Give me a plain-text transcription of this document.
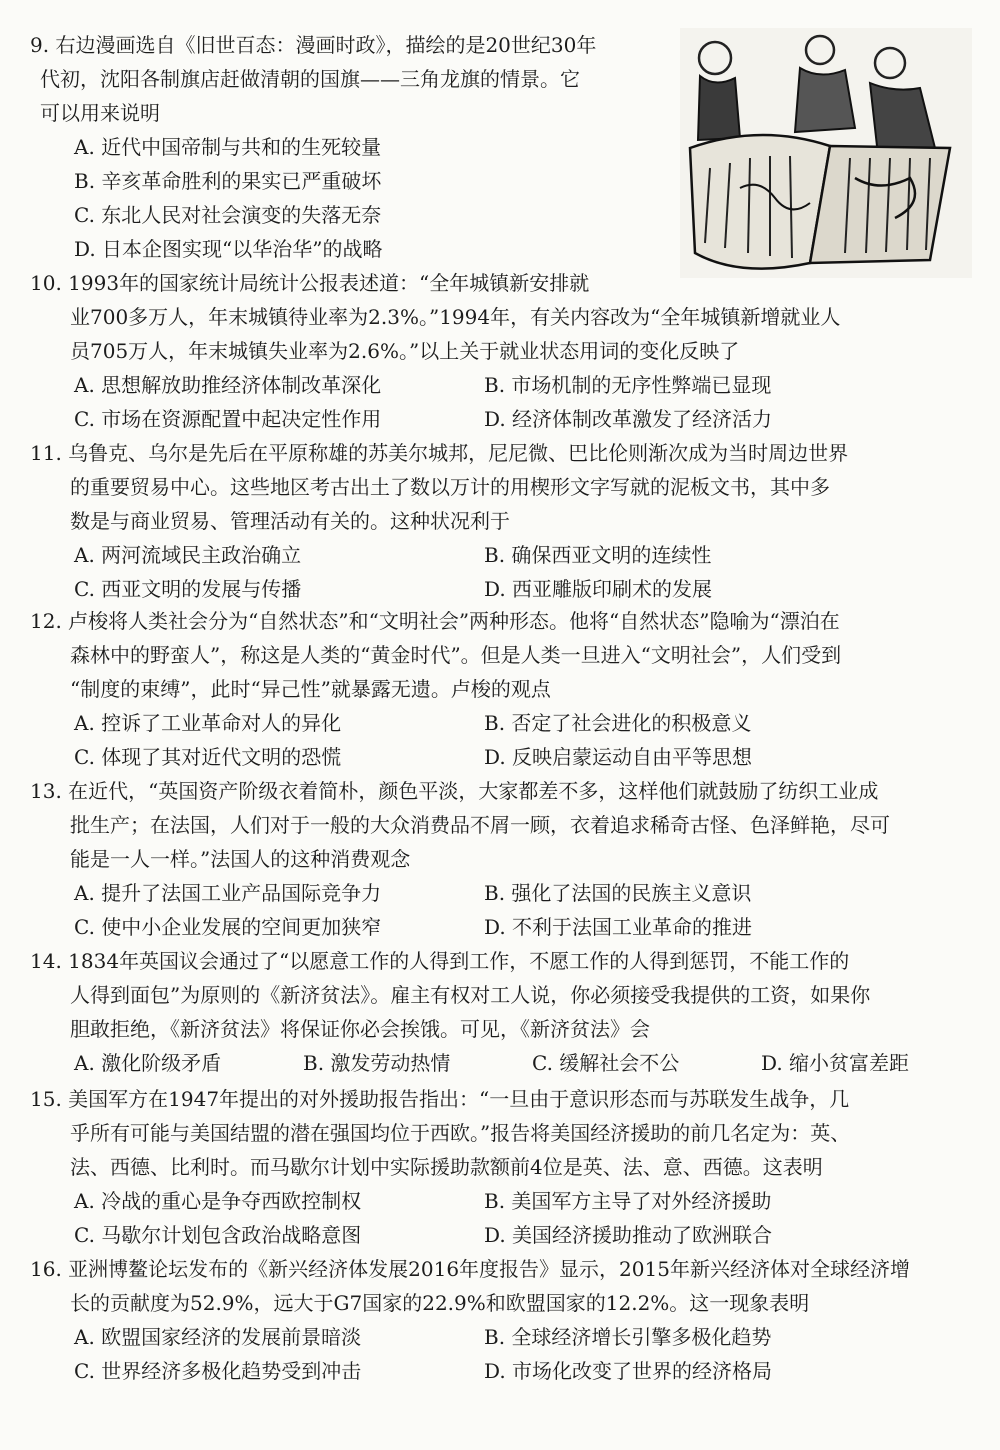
9. 右边漫画选自《旧世百态：漫画时政》，描绘的是20世纪30年
代初，沈阳各制旗店赶做清朝的国旗——三角龙旗的情景。它
可以用来说明
A. 近代中国帝制与共和的生死较量
B. 辛亥革命胜利的果实已严重破坏
C. 东北人民对社会演变的失落无奈
D. 日本企图实现“以华治华”的战略
10. 1993年的国家统计局统计公报表述道：“全年城镇新安排就
业700多万人，年末城镇待业率为2.3%。”1994年，有关内容改为“全年城镇新增就业人
员705万人，年末城镇失业率为2.6%。”以上关于就业状态用词的变化反映了
A. 思想解放助推经济体制改革深化	B. 市场机制的无序性弊端已显现
C. 市场在资源配置中起决定性作用	D. 经济体制改革激发了经济活力
11. 乌鲁克、乌尔是先后在平原称雄的苏美尔城邦，尼尼微、巴比伦则渐次成为当时周边世界
的重要贸易中心。这些地区考古出土了数以万计的用楔形文字写就的泥板文书，其中多
数是与商业贸易、管理活动有关的。这种状况利于
A. 两河流域民主政治确立	B. 确保西亚文明的连续性
C. 西亚文明的发展与传播	D. 西亚雕版印刷术的发展
12. 卢梭将人类社会分为“自然状态”和“文明社会”两种形态。他将“自然状态”隐喻为“漂泊在
森林中的野蛮人”，称这是人类的“黄金时代”。但是人类一旦进入“文明社会”，人们受到
“制度的束缚”，此时“异己性”就暴露无遗。卢梭的观点
A. 控诉了工业革命对人的异化	B. 否定了社会进化的积极意义
C. 体现了其对近代文明的恐慌	D. 反映启蒙运动自由平等思想
13. 在近代，“英国资产阶级衣着简朴，颜色平淡，大家都差不多，这样他们就鼓励了纺织工业成
批生产；在法国，人们对于一般的大众消费品不屑一顾，衣着追求稀奇古怪、色泽鲜艳，尽可
能是一人一样。”法国人的这种消费观念
A. 提升了法国工业产品国际竞争力	B. 强化了法国的民族主义意识
C. 使中小企业发展的空间更加狭窄	D. 不利于法国工业革命的推进
14. 1834年英国议会通过了“以愿意工作的人得到工作，不愿工作的人得到惩罚，不能工作的
人得到面包”为原则的《新济贫法》。雇主有权对工人说，你必须接受我提供的工资，如果你
胆敢拒绝，《新济贫法》将保证你必会挨饿。可见，《新济贫法》会
A. 激化阶级矛盾	B. 激发劳动热情	C. 缓解社会不公	D. 缩小贫富差距
15. 美国军方在1947年提出的对外援助报告指出：“一旦由于意识形态而与苏联发生战争，几
乎所有可能与美国结盟的潜在强国均位于西欧。”报告将美国经济援助的前几名定为：英、
法、西德、比利时。而马歇尔计划中实际援助款额前4位是英、法、意、西德。这表明
A. 冷战的重心是争夺西欧控制权	B. 美国军方主导了对外经济援助
C. 马歇尔计划包含政治战略意图	D. 美国经济援助推动了欧洲联合
16. 亚洲博鳌论坛发布的《新兴经济体发展2016年度报告》显示，2015年新兴经济体对全球经济增
长的贡献度为52.9%，远大于G7国家的22.9%和欧盟国家的12.2%。这一现象表明
A. 欧盟国家经济的发展前景暗淡	B. 全球经济增长引擎多极化趋势
C. 世界经济多极化趋势受到冲击	D. 市场化改变了世界的经济格局
